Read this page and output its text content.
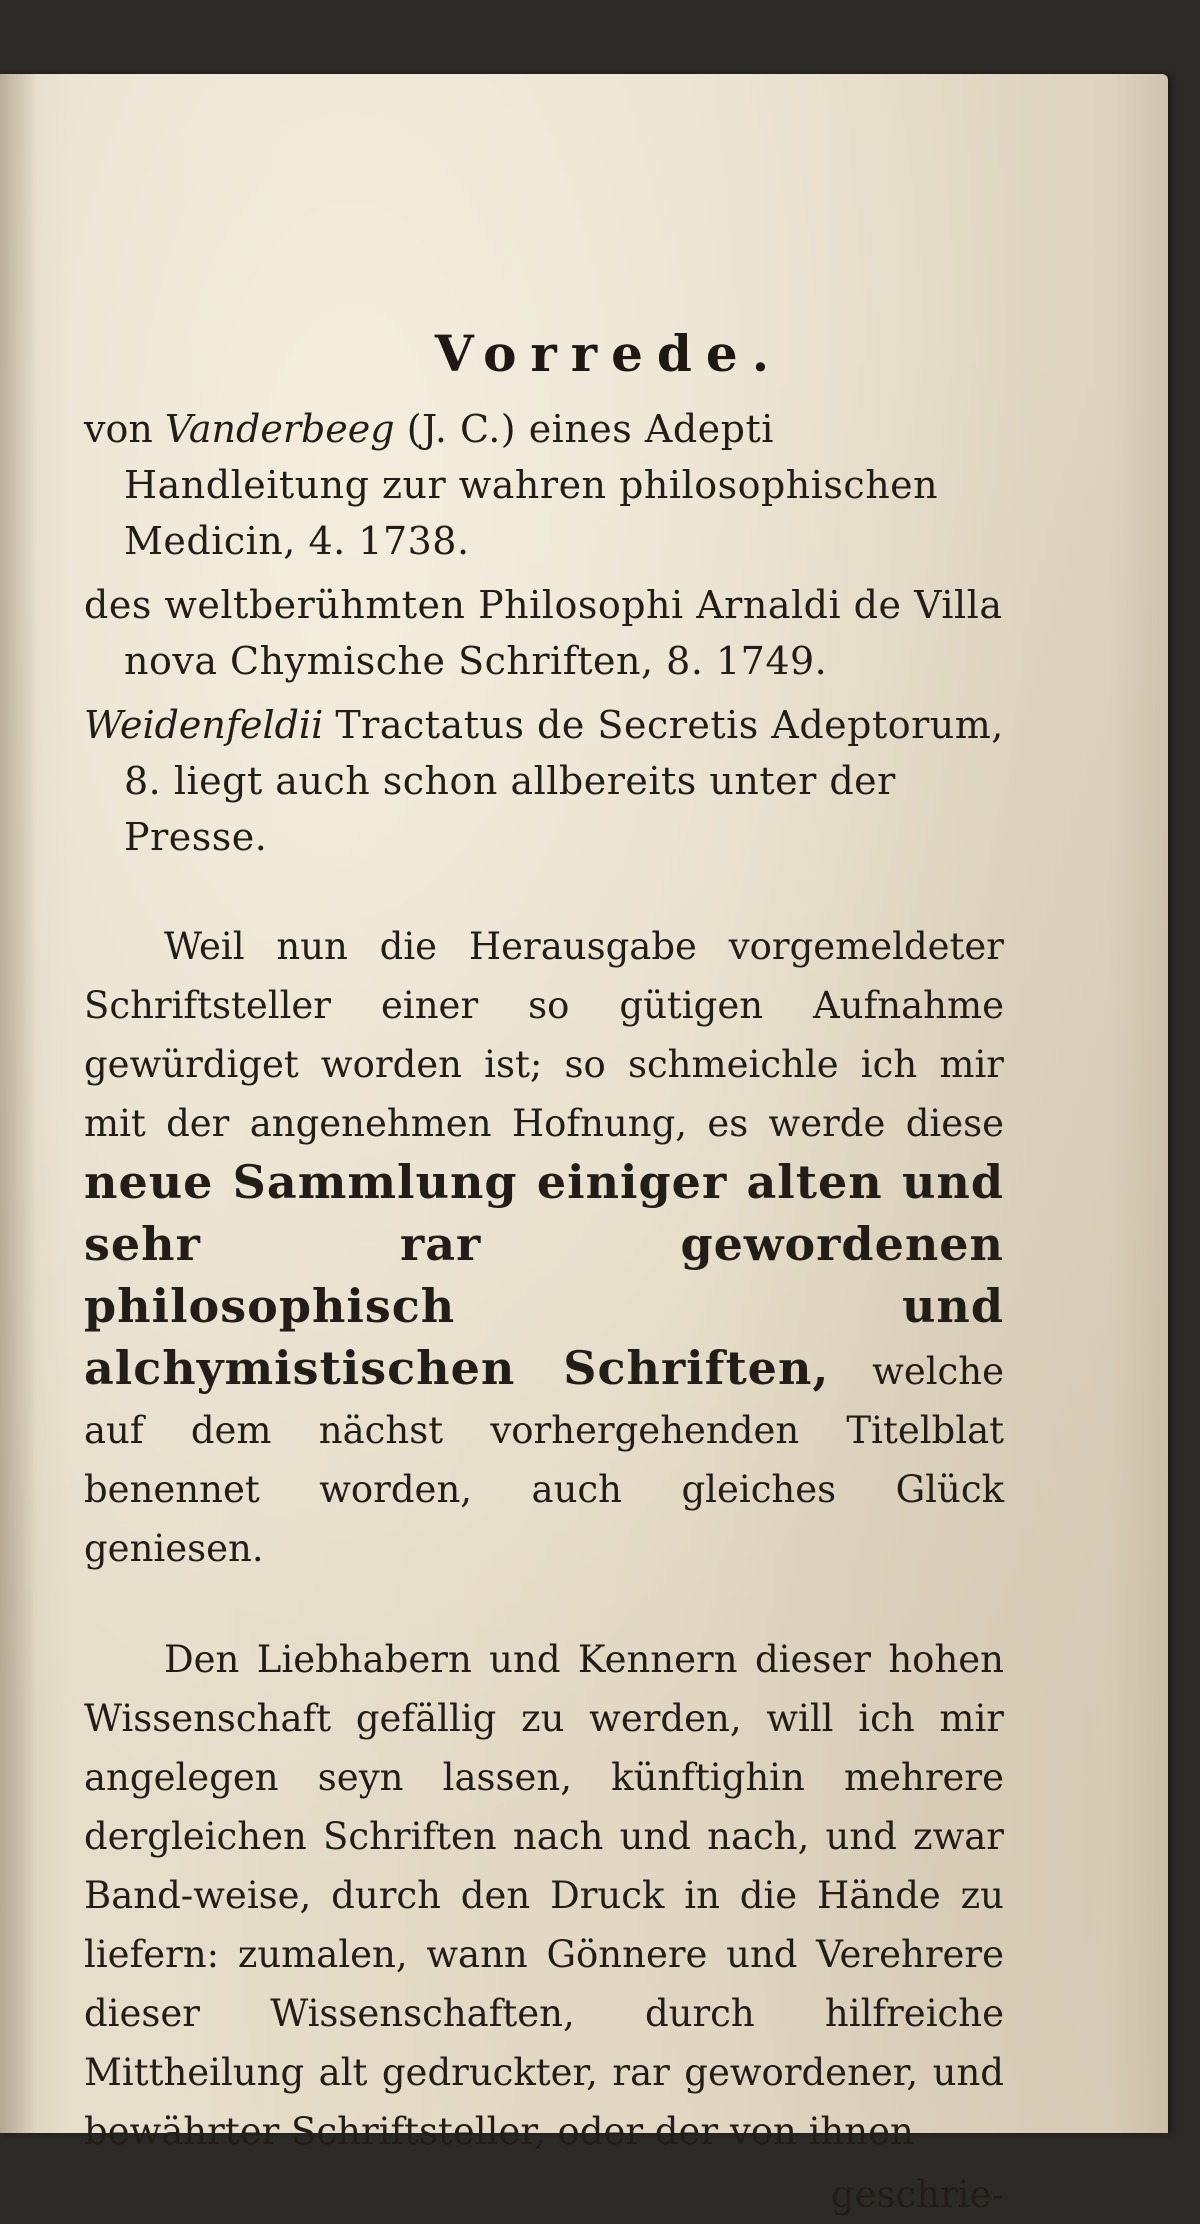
Vorrede.
von Vanderbeeg (J. C.) eines Adepti Handleitung zur wahren philosophischen Medicin, 4. 1738.
des weltberühmten Philosophi Arnaldi de Villa nova Chymische Schriften, 8. 1749.
Weidenfeldii Tractatus de Secretis Adeptorum, 8. liegt auch schon allbereits unter der Presse.

Weil nun die Herausgabe vorgemeldeter Schriftsteller einer so gütigen Aufnahme gewürdiget worden ist; so schmeichle ich mir mit der angenehmen Hofnung, es werde diese neue Sammlung einiger alten und sehr rar gewordenen philosophisch und alchymistischen Schriften, welche auf dem nächst vorhergehenden Titelblat benennet worden, auch gleiches Glück geniesen.

Den Liebhabern und Kennern dieser hohen Wissenschaft gefällig zu werden, will ich mir angelegen seyn lassen, künftighin mehrere dergleichen Schriften nach und nach, und zwar Band-weise, durch den Druck in die Hände zu liefern: zumalen, wann Gönnere und Verehrere dieser Wissenschaften, durch hilfreiche Mittheilung alt gedruckter, rar gewordener, und bewährter Schriftsteller, oder der von ihnen

geschrie-
